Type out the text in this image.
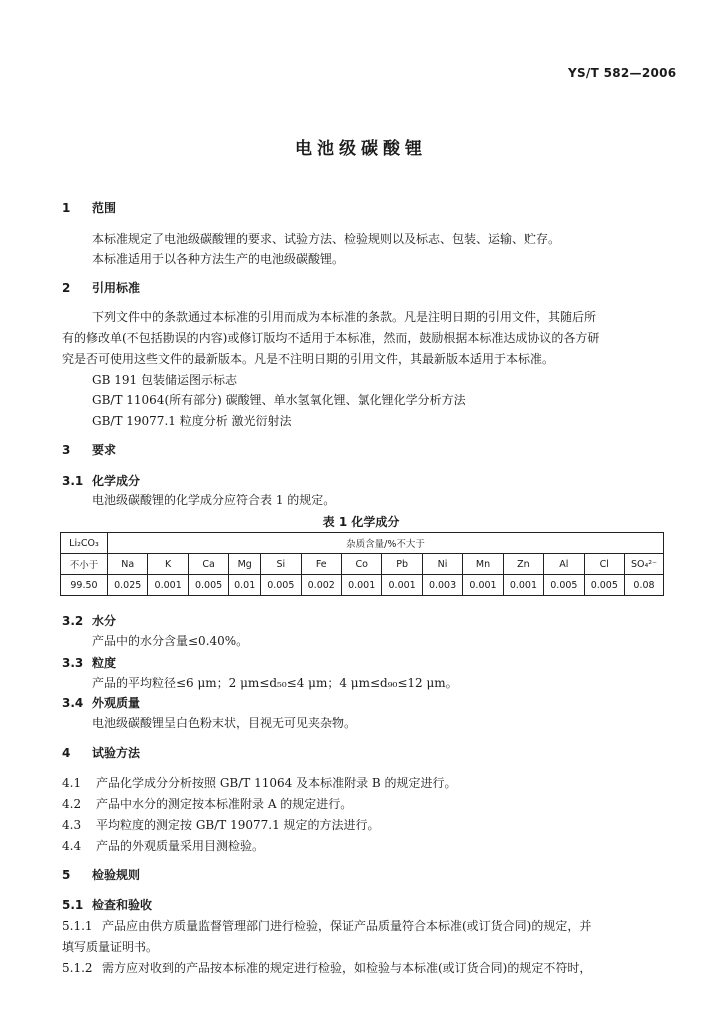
YS/T 582—2006
电池级碳酸锂
1 范围
本标准规定了电池级碳酸锂的要求、试验方法、检验规则以及标志、包装、运输、贮存。
本标准适用于以各种方法生产的电池级碳酸锂。
2 引用标准
下列文件中的条款通过本标准的引用而成为本标准的条款。凡是注明日期的引用文件，其随后所
有的修改单(不包括勘误的内容)或修订版均不适用于本标准，然而，鼓励根据本标准达成协议的各方研
究是否可使用这些文件的最新版本。凡是不注明日期的引用文件，其最新版本适用于本标准。
GB 191 包装储运图示标志
GB/T 11064(所有部分) 碳酸锂、单水氢氧化锂、氯化锂化学分析方法
GB/T 19077.1 粒度分析 激光衍射法
3 要求
3.1 化学成分
电池级碳酸锂的化学成分应符合表 1 的规定。
表 1 化学成分
Li₂CO₃	杂质含量/%不大于													
不小于	Na	K	Ca	Mg	Si	Fe	Co	Pb	Ni	Mn	Zn	Al	Cl	SO₄²⁻
99.50	0.025	0.001	0.005	0.01	0.005	0.002	0.001	0.001	0.003	0.001	0.001	0.005	0.005	0.08
3.2 水分
产品中的水分含量≤0.40%。
3.3 粒度
产品的平均粒径≤6 μm；2 μm≤d₅₀≤4 μm；4 μm≤d₉₀≤12 μm。
3.4 外观质量
电池级碳酸锂呈白色粉末状，目视无可见夹杂物。
4 试验方法
4.1 产品化学成分分析按照 GB/T 11064 及本标准附录 B 的规定进行。
4.2 产品中水分的测定按本标准附录 A 的规定进行。
4.3 平均粒度的测定按 GB/T 19077.1 规定的方法进行。
4.4 产品的外观质量采用目测检验。
5 检验规则
5.1 检查和验收
5.1.1 产品应由供方质量监督管理部门进行检验，保证产品质量符合本标准(或订货合同)的规定，并
填写质量证明书。
5.1.2 需方应对收到的产品按本标准的规定进行检验，如检验与本标准(或订货合同)的规定不符时，
